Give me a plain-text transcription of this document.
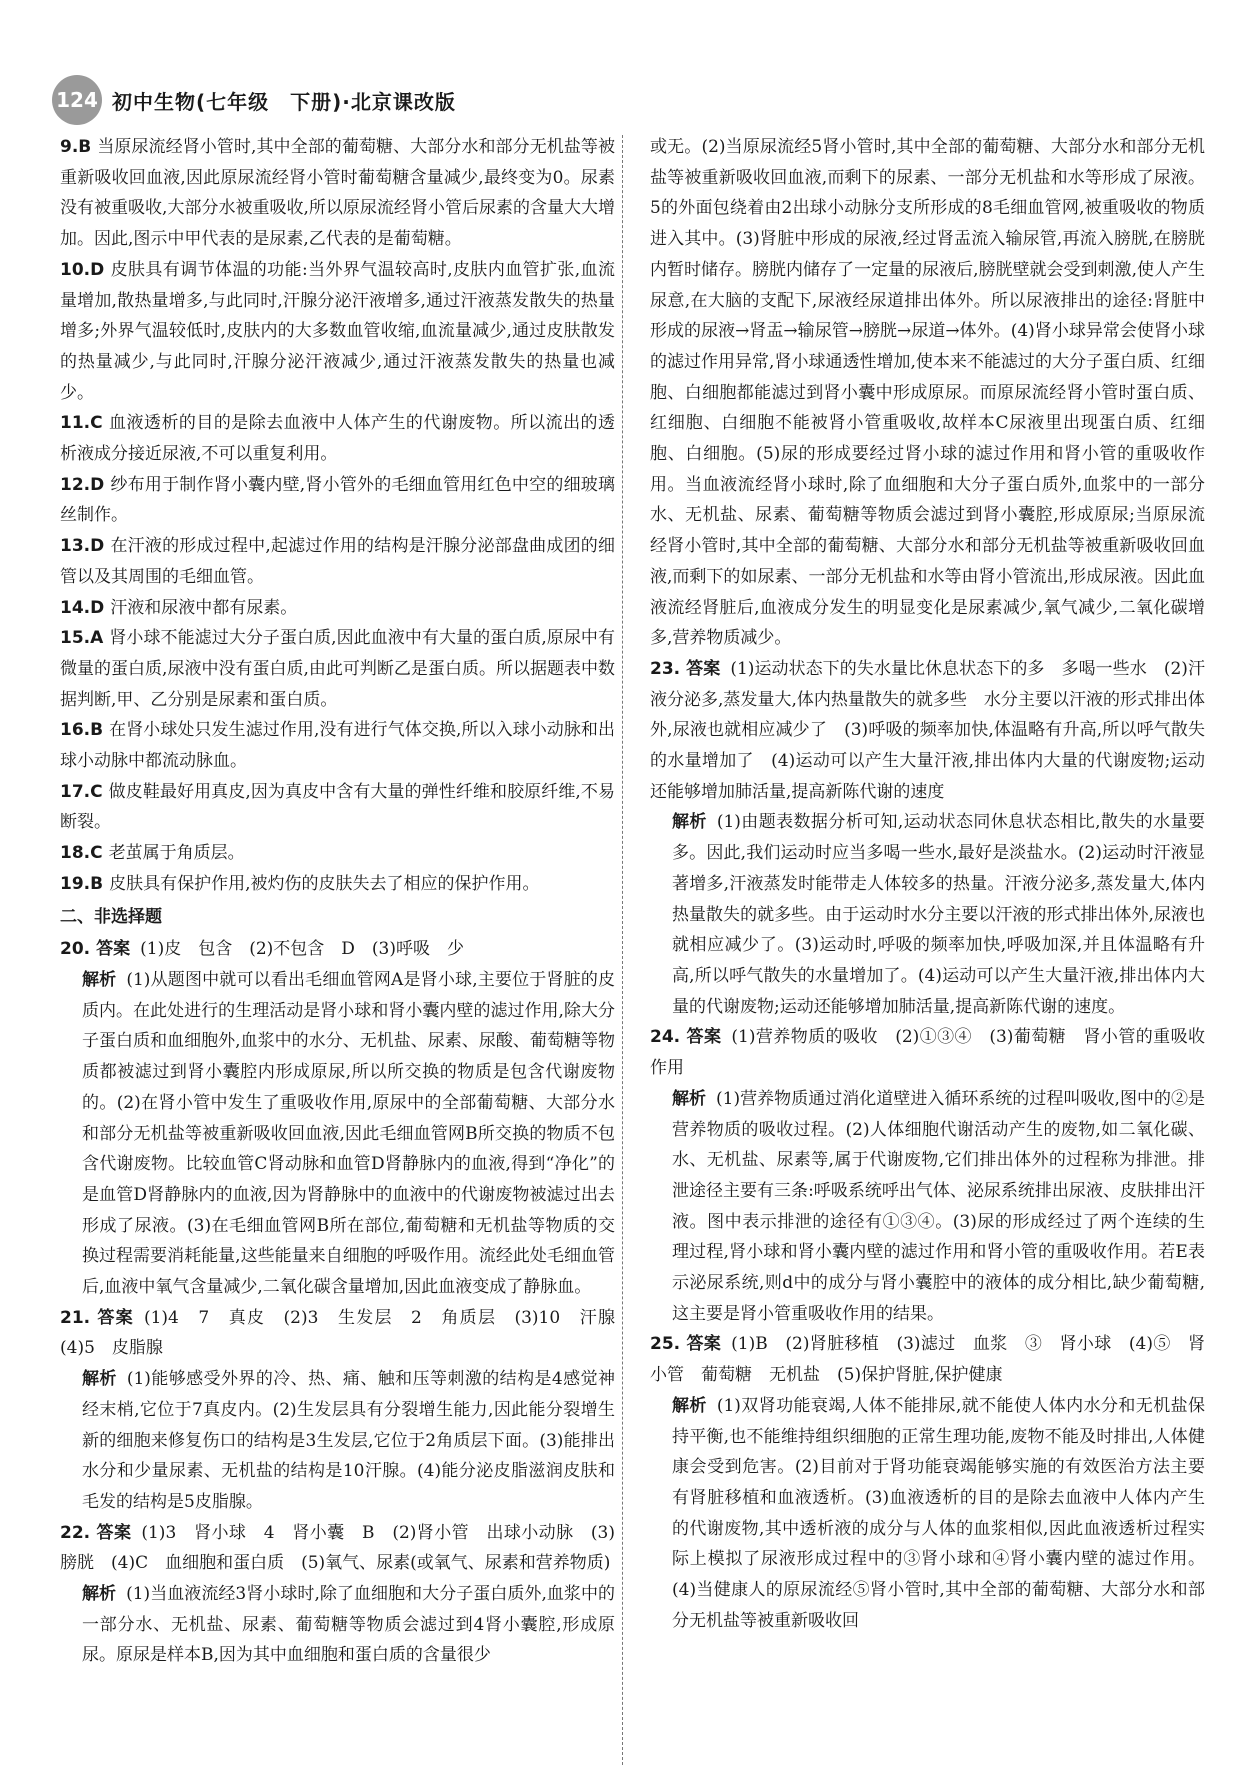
124 初中生物(七年级　下册)·北京课改版
9.B 当原尿流经肾小管时,其中全部的葡萄糖、大部分水和部分无机盐等被重新吸收回血液,因此原尿流经肾小管时葡萄糖含量减少,最终变为0。尿素没有被重吸收,大部分水被重吸收,所以原尿流经肾小管后尿素的含量大大增加。因此,图示中甲代表的是尿素,乙代表的是葡萄糖。
10.D 皮肤具有调节体温的功能:当外界气温较高时,皮肤内血管扩张,血流量增加,散热量增多,与此同时,汗腺分泌汗液增多,通过汗液蒸发散失的热量增多;外界气温较低时,皮肤内的大多数血管收缩,血流量减少,通过皮肤散发的热量减少,与此同时,汗腺分泌汗液减少,通过汗液蒸发散失的热量也减少。
11.C 血液透析的目的是除去血液中人体产生的代谢废物。所以流出的透析液成分接近尿液,不可以重复利用。
12.D 纱布用于制作肾小囊内壁,肾小管外的毛细血管用红色中空的细玻璃丝制作。
13.D 在汗液的形成过程中,起滤过作用的结构是汗腺分泌部盘曲成团的细管以及其周围的毛细血管。
14.D 汗液和尿液中都有尿素。
15.A 肾小球不能滤过大分子蛋白质,因此血液中有大量的蛋白质,原尿中有微量的蛋白质,尿液中没有蛋白质,由此可判断乙是蛋白质。所以据题表中数据判断,甲、乙分别是尿素和蛋白质。
16.B 在肾小球处只发生滤过作用,没有进行气体交换,所以入球小动脉和出球小动脉中都流动脉血。
17.C 做皮鞋最好用真皮,因为真皮中含有大量的弹性纤维和胶原纤维,不易断裂。
18.C 老茧属于角质层。
19.B 皮肤具有保护作用,被灼伤的皮肤失去了相应的保护作用。
二、非选择题
20. 答案 (1)皮　包含　(2)不包含　D　(3)呼吸　少
解析 (1)从题图中就可以看出毛细血管网A是肾小球,主要位于肾脏的皮质内。在此处进行的生理活动是肾小球和肾小囊内壁的滤过作用,除大分子蛋白质和血细胞外,血浆中的水分、无机盐、尿素、尿酸、葡萄糖等物质都被滤过到肾小囊腔内形成原尿,所以所交换的物质是包含代谢废物的。(2)在肾小管中发生了重吸收作用,原尿中的全部葡萄糖、大部分水和部分无机盐等被重新吸收回血液,因此毛细血管网B所交换的物质不包含代谢废物。比较血管C肾动脉和血管D肾静脉内的血液,得到“净化”的是血管D肾静脉内的血液,因为肾静脉中的血液中的代谢废物被滤过出去形成了尿液。(3)在毛细血管网B所在部位,葡萄糖和无机盐等物质的交换过程需要消耗能量,这些能量来自细胞的呼吸作用。流经此处毛细血管后,血液中氧气含量减少,二氧化碳含量增加,因此血液变成了静脉血。
21. 答案 (1)4　7　真皮　(2)3　生发层　2　角质层　(3)10　汗腺　(4)5　皮脂腺
解析 (1)能够感受外界的冷、热、痛、触和压等刺激的结构是4感觉神经末梢,它位于7真皮内。(2)生发层具有分裂增生能力,因此能分裂增生新的细胞来修复伤口的结构是3生发层,它位于2角质层下面。(3)能排出水分和少量尿素、无机盐的结构是10汗腺。(4)能分泌皮脂滋润皮肤和毛发的结构是5皮脂腺。
22. 答案 (1)3　肾小球　4　肾小囊　B　(2)肾小管　出球小动脉　(3)膀胱　(4)C　血细胞和蛋白质　(5)氧气、尿素(或氧气、尿素和营养物质)
解析 (1)当血液流经3肾小球时,除了血细胞和大分子蛋白质外,血浆中的一部分水、无机盐、尿素、葡萄糖等物质会滤过到4肾小囊腔,形成原尿。原尿是样本B,因为其中血细胞和蛋白质的含量很少
或无。(2)当原尿流经5肾小管时,其中全部的葡萄糖、大部分水和部分无机盐等被重新吸收回血液,而剩下的尿素、一部分无机盐和水等形成了尿液。5的外面包绕着由2出球小动脉分支所形成的8毛细血管网,被重吸收的物质进入其中。(3)肾脏中形成的尿液,经过肾盂流入输尿管,再流入膀胱,在膀胱内暂时储存。膀胱内储存了一定量的尿液后,膀胱壁就会受到刺激,使人产生尿意,在大脑的支配下,尿液经尿道排出体外。所以尿液排出的途径:肾脏中形成的尿液→肾盂→输尿管→膀胱→尿道→体外。(4)肾小球异常会使肾小球的滤过作用异常,肾小球通透性增加,使本来不能滤过的大分子蛋白质、红细胞、白细胞都能滤过到肾小囊中形成原尿。而原尿流经肾小管时蛋白质、红细胞、白细胞不能被肾小管重吸收,故样本C尿液里出现蛋白质、红细胞、白细胞。(5)尿的形成要经过肾小球的滤过作用和肾小管的重吸收作用。当血液流经肾小球时,除了血细胞和大分子蛋白质外,血浆中的一部分水、无机盐、尿素、葡萄糖等物质会滤过到肾小囊腔,形成原尿;当原尿流经肾小管时,其中全部的葡萄糖、大部分水和部分无机盐等被重新吸收回血液,而剩下的如尿素、一部分无机盐和水等由肾小管流出,形成尿液。因此血液流经肾脏后,血液成分发生的明显变化是尿素减少,氧气减少,二氧化碳增多,营养物质减少。
23. 答案 (1)运动状态下的失水量比休息状态下的多　多喝一些水　(2)汗液分泌多,蒸发量大,体内热量散失的就多些　水分主要以汗液的形式排出体外,尿液也就相应减少了　(3)呼吸的频率加快,体温略有升高,所以呼气散失的水量增加了　(4)运动可以产生大量汗液,排出体内大量的代谢废物;运动还能够增加肺活量,提高新陈代谢的速度
解析 (1)由题表数据分析可知,运动状态同休息状态相比,散失的水量要多。因此,我们运动时应当多喝一些水,最好是淡盐水。(2)运动时汗液显著增多,汗液蒸发时能带走人体较多的热量。汗液分泌多,蒸发量大,体内热量散失的就多些。由于运动时水分主要以汗液的形式排出体外,尿液也就相应减少了。(3)运动时,呼吸的频率加快,呼吸加深,并且体温略有升高,所以呼气散失的水量增加了。(4)运动可以产生大量汗液,排出体内大量的代谢废物;运动还能够增加肺活量,提高新陈代谢的速度。
24. 答案 (1)营养物质的吸收　(2)①③④　(3)葡萄糖　肾小管的重吸收作用
解析 (1)营养物质通过消化道壁进入循环系统的过程叫吸收,图中的②是营养物质的吸收过程。(2)人体细胞代谢活动产生的废物,如二氧化碳、水、无机盐、尿素等,属于代谢废物,它们排出体外的过程称为排泄。排泄途径主要有三条:呼吸系统呼出气体、泌尿系统排出尿液、皮肤排出汗液。图中表示排泄的途径有①③④。(3)尿的形成经过了两个连续的生理过程,肾小球和肾小囊内壁的滤过作用和肾小管的重吸收作用。若E表示泌尿系统,则d中的成分与肾小囊腔中的液体的成分相比,缺少葡萄糖,这主要是肾小管重吸收作用的结果。
25. 答案 (1)B　(2)肾脏移植　(3)滤过　血浆　③　肾小球　(4)⑤　肾小管　葡萄糖　无机盐　(5)保护肾脏,保护健康
解析 (1)双肾功能衰竭,人体不能排尿,就不能使人体内水分和无机盐保持平衡,也不能维持组织细胞的正常生理功能,废物不能及时排出,人体健康会受到危害。(2)目前对于肾功能衰竭能够实施的有效医治方法主要有肾脏移植和血液透析。(3)血液透析的目的是除去血液中人体内产生的代谢废物,其中透析液的成分与人体的血浆相似,因此血液透析过程实际上模拟了尿液形成过程中的③肾小球和④肾小囊内壁的滤过作用。(4)当健康人的原尿流经⑤肾小管时,其中全部的葡萄糖、大部分水和部分无机盐等被重新吸收回
